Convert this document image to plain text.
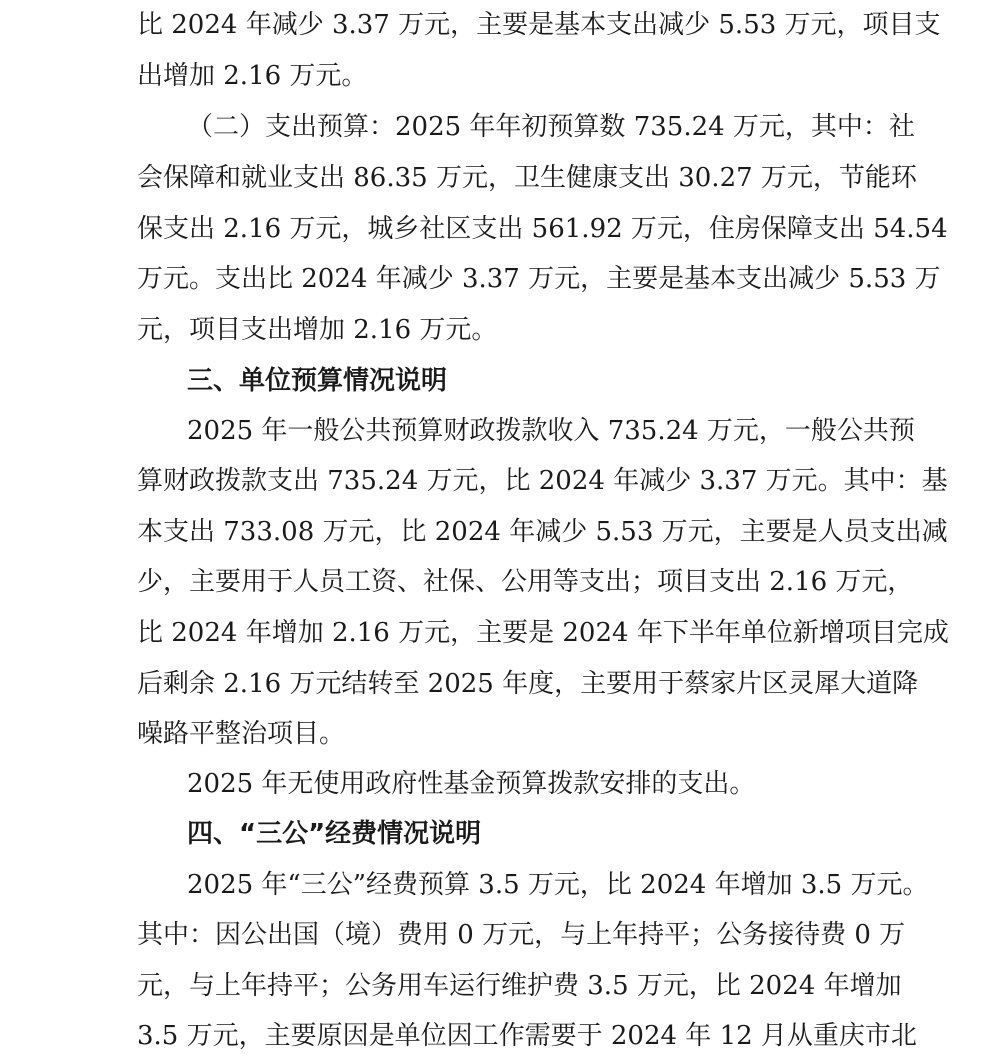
比 2024 年减少 3.37 万元，主要是基本支出减少 5.53 万元，项目支
出增加 2.16 万元。
（二）支出预算：2025 年年初预算数 735.24 万元，其中：社
会保障和就业支出 86.35 万元，卫生健康支出 30.27 万元，节能环
保支出 2.16 万元，城乡社区支出 561.92 万元，住房保障支出 54.54
万元。支出比 2024 年减少 3.37 万元，主要是基本支出减少 5.53 万
元，项目支出增加 2.16 万元。
三、单位预算情况说明
2025 年一般公共预算财政拨款收入 735.24 万元，一般公共预
算财政拨款支出 735.24 万元，比 2024 年减少 3.37 万元。其中：基
本支出 733.08 万元，比 2024 年减少 5.53 万元，主要是人员支出减
少，主要用于人员工资、社保、公用等支出；项目支出 2.16 万元，
比 2024 年增加 2.16 万元，主要是 2024 年下半年单位新增项目完成
后剩余 2.16 万元结转至 2025 年度，主要用于蔡家片区灵犀大道降
噪路平整治项目。
2025 年无使用政府性基金预算拨款安排的支出。
四、“三公”经费情况说明
2025 年“三公”经费预算 3.5 万元，比 2024 年增加 3.5 万元。
其中：因公出国（境）费用 0 万元，与上年持平；公务接待费 0 万
元，与上年持平；公务用车运行维护费 3.5 万元，比 2024 年增加
3.5 万元，主要原因是单位因工作需要于 2024 年 12 月从重庆市北
